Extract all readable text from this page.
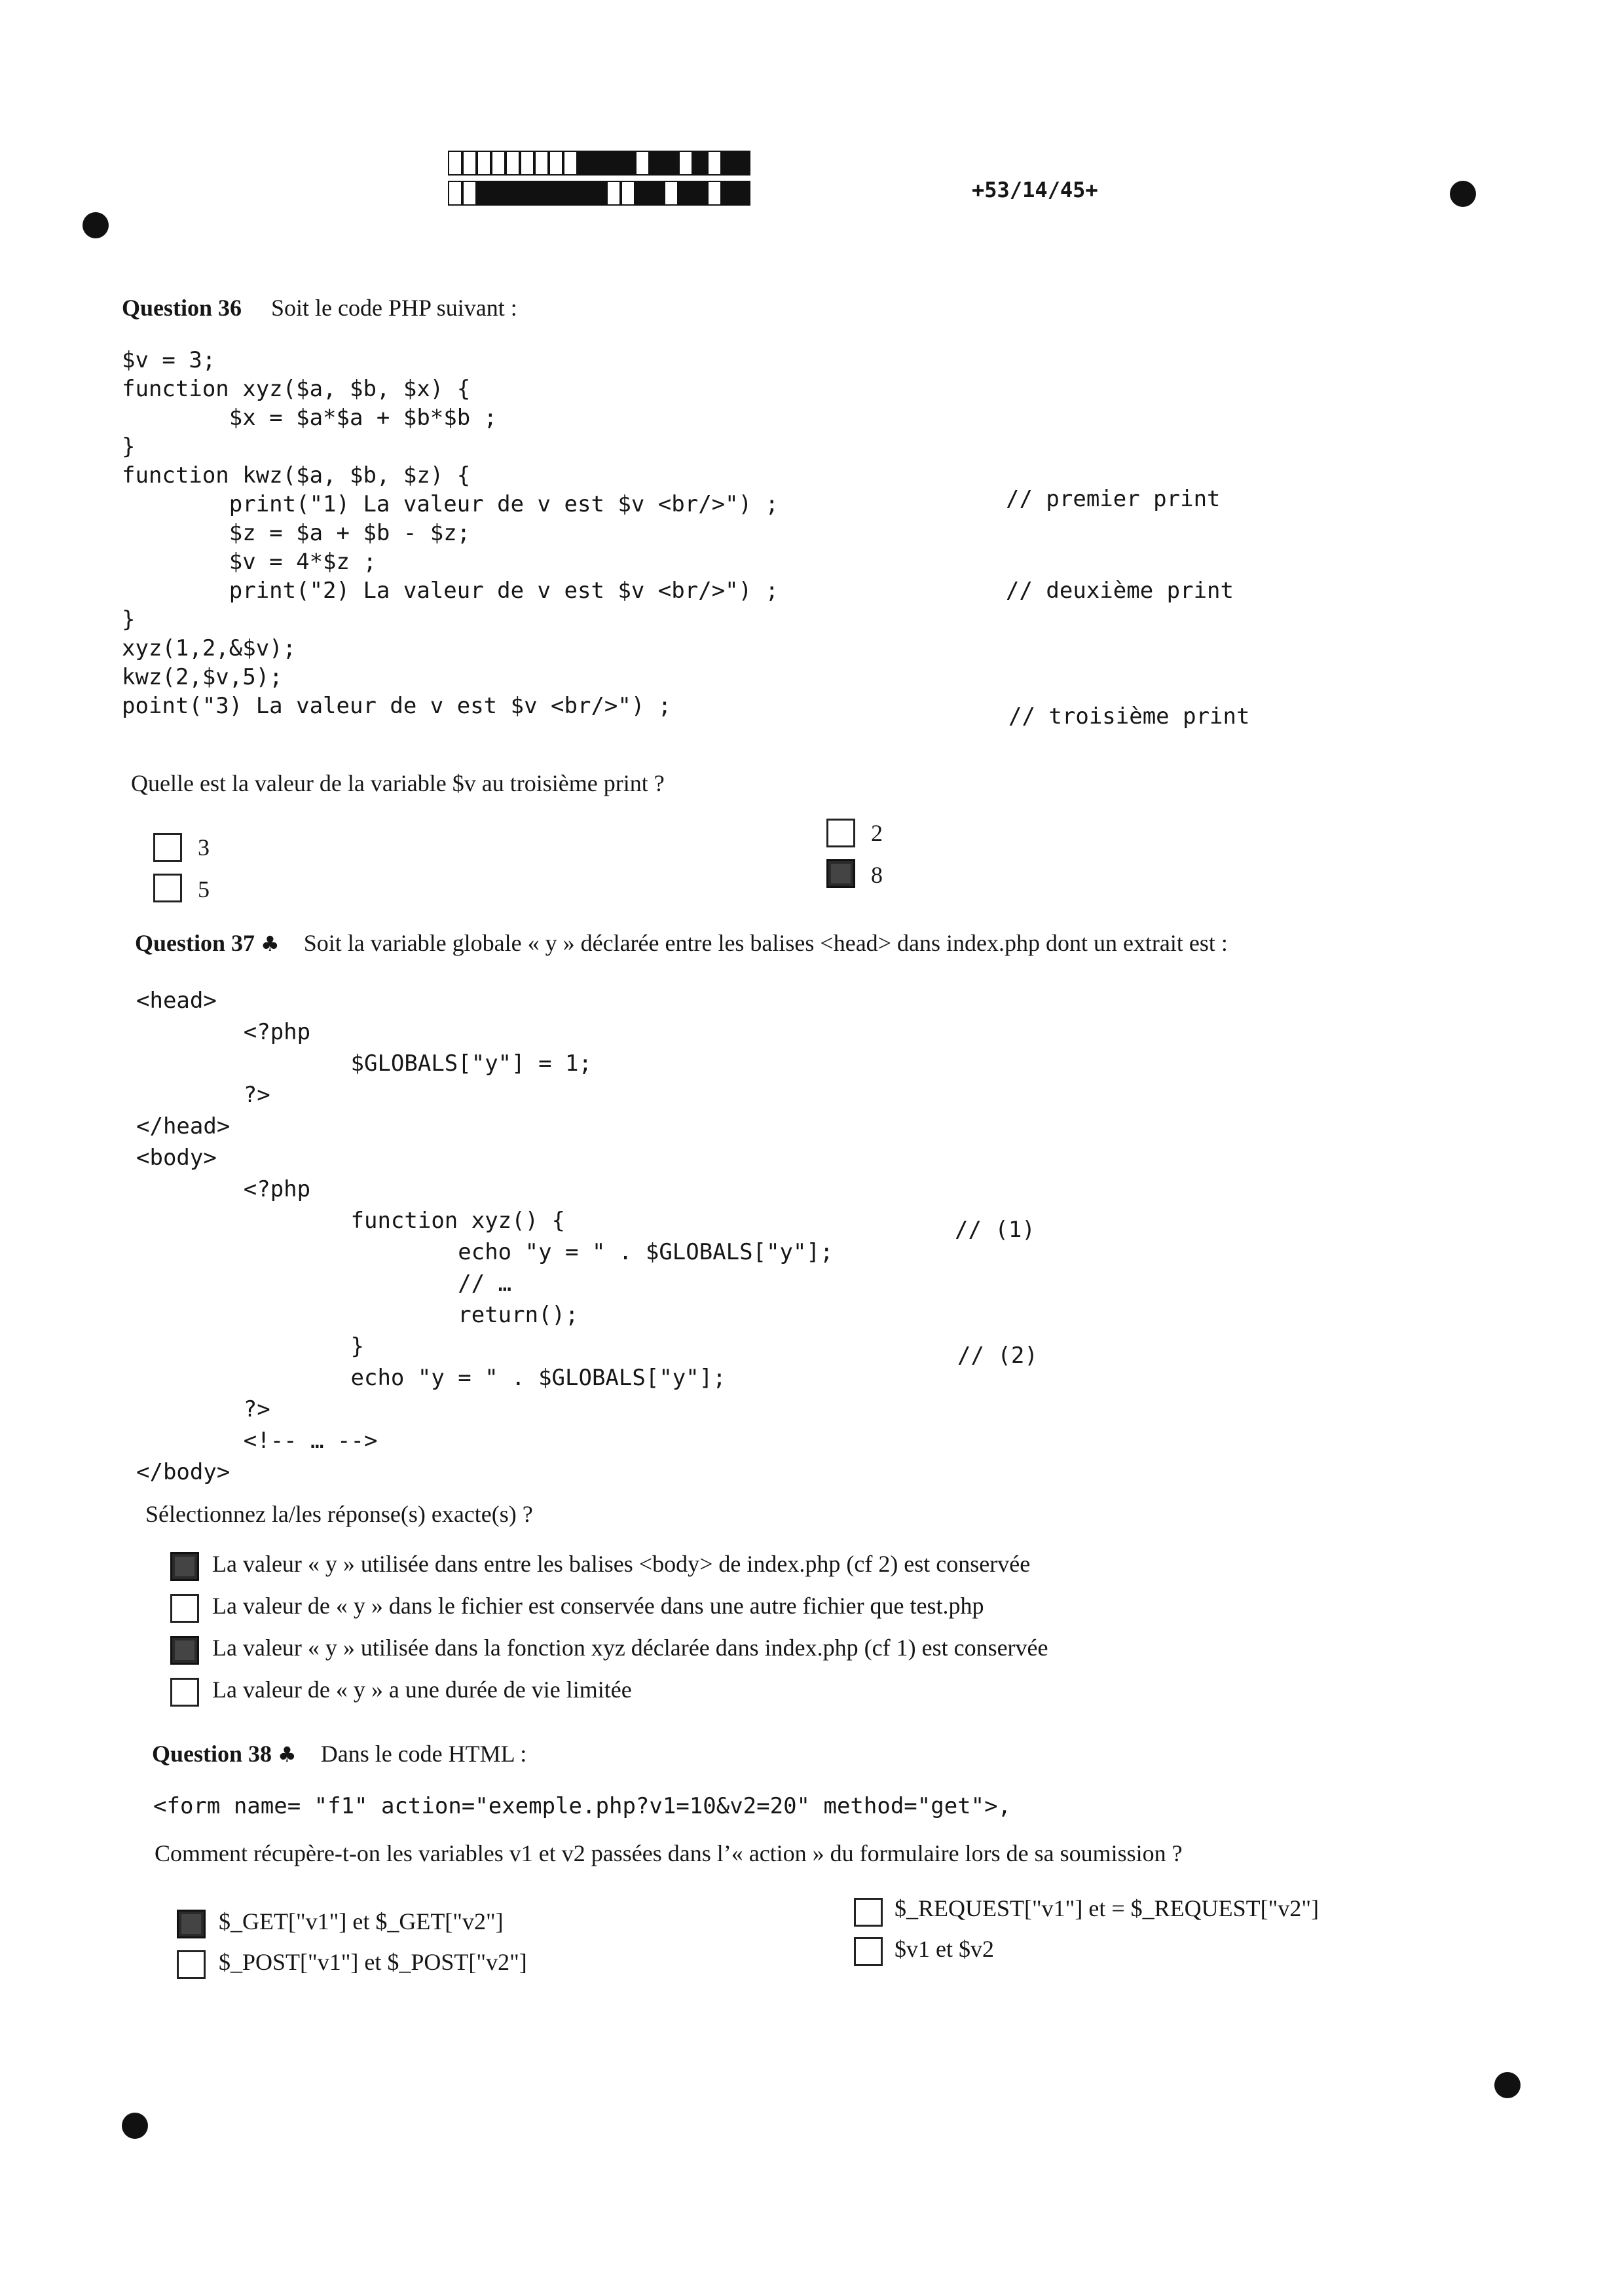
+53/14/45+
Question 36 Soit le code PHP suivant :
$v = 3;
function xyz($a, $b, $x) {
$x = $a*$a + $b*$b ;
}
function kwz($a, $b, $z) {
print("1) La valeur de v est $v <br/>") ;
$z = $a + $b - $z;
$v = 4*$z ;
print("2) La valeur de v est $v <br/>") ;
}
xyz(1,2,&$v);
kwz(2,$v,5);
point("3) La valeur de v est $v <br/>") ;
// premier print
// deuxième print
// troisième print
Quelle est la valeur de la variable $v au troisième print ?
3
5
2
8
Question 37 ♣ Soit la variable globale « y » déclarée entre les balises <head> dans index.php dont un extrait est :
<head>
<?php
$GLOBALS["y"] = 1;
?>
</head>
<body>
<?php
function xyz() {
echo "y = " . $GLOBALS["y"];
// …
return();
}
echo "y = " . $GLOBALS["y"];
?>
<!-- … -->
</body>
// (1)
// (2)
Sélectionnez la/les réponse(s) exacte(s) ?
La valeur « y » utilisée dans entre les balises <body> de index.php (cf 2) est conservée
La valeur de « y » dans le fichier est conservée dans une autre fichier que test.php
La valeur « y » utilisée dans la fonction xyz déclarée dans index.php (cf 1) est conservée
La valeur de « y » a une durée de vie limitée
Question 38 ♣ Dans le code HTML :
<form name= "f1" action="exemple.php?v1=10&v2=20" method="get">,
Comment récupère-t-on les variables v1 et v2 passées dans l’« action » du formulaire lors de sa soumission ?
$_GET["v1"] et $_GET["v2"]
$_POST["v1"] et $_POST["v2"]
$_REQUEST["v1"] et = $_REQUEST["v2"]
$v1 et $v2
